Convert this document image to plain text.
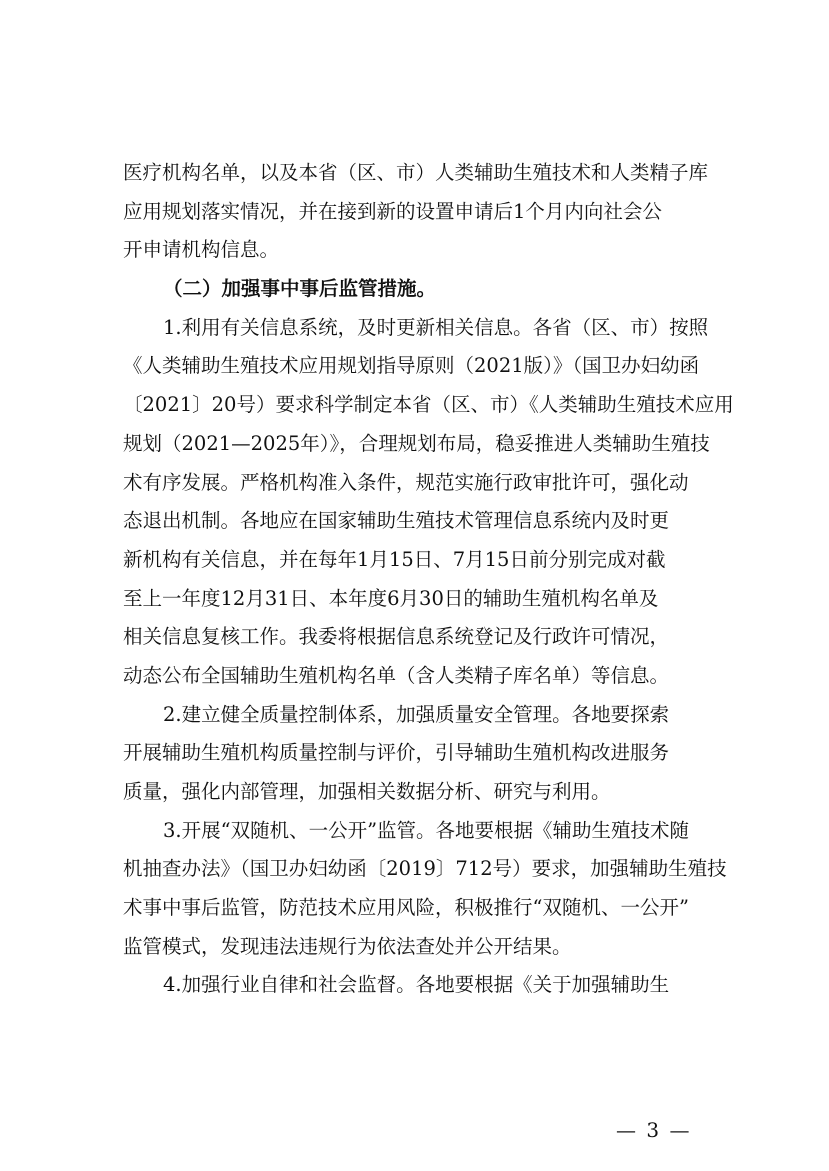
医疗机构名单，以及本省（区、市）人类辅助生殖技术和人类精子库
应用规划落实情况，并在接到新的设置申请后1个月内向社会公
开申请机构信息。
（二）加强事中事后监管措施。
1.利用有关信息系统，及时更新相关信息。各省（区、市）按照
《人类辅助生殖技术应用规划指导原则（2021版）》（国卫办妇幼函
〔2021〕20号）要求科学制定本省（区、市）《人类辅助生殖技术应用
规划（2021—2025年）》，合理规划布局，稳妥推进人类辅助生殖技
术有序发展。严格机构准入条件，规范实施行政审批许可，强化动
态退出机制。各地应在国家辅助生殖技术管理信息系统内及时更
新机构有关信息，并在每年1月15日、7月15日前分别完成对截
至上一年度12月31日、本年度6月30日的辅助生殖机构名单及
相关信息复核工作。我委将根据信息系统登记及行政许可情况，
动态公布全国辅助生殖机构名单（含人类精子库名单）等信息。
2.建立健全质量控制体系，加强质量安全管理。各地要探索
开展辅助生殖机构质量控制与评价，引导辅助生殖机构改进服务
质量，强化内部管理，加强相关数据分析、研究与利用。
3.开展“双随机、一公开”监管。各地要根据《辅助生殖技术随
机抽查办法》（国卫办妇幼函〔2019〕712号）要求，加强辅助生殖技
术事中事后监管，防范技术应用风险，积极推行“双随机、一公开”
监管模式，发现违法违规行为依法查处并公开结果。
4.加强行业自律和社会监督。各地要根据《关于加强辅助生
— 3 —
